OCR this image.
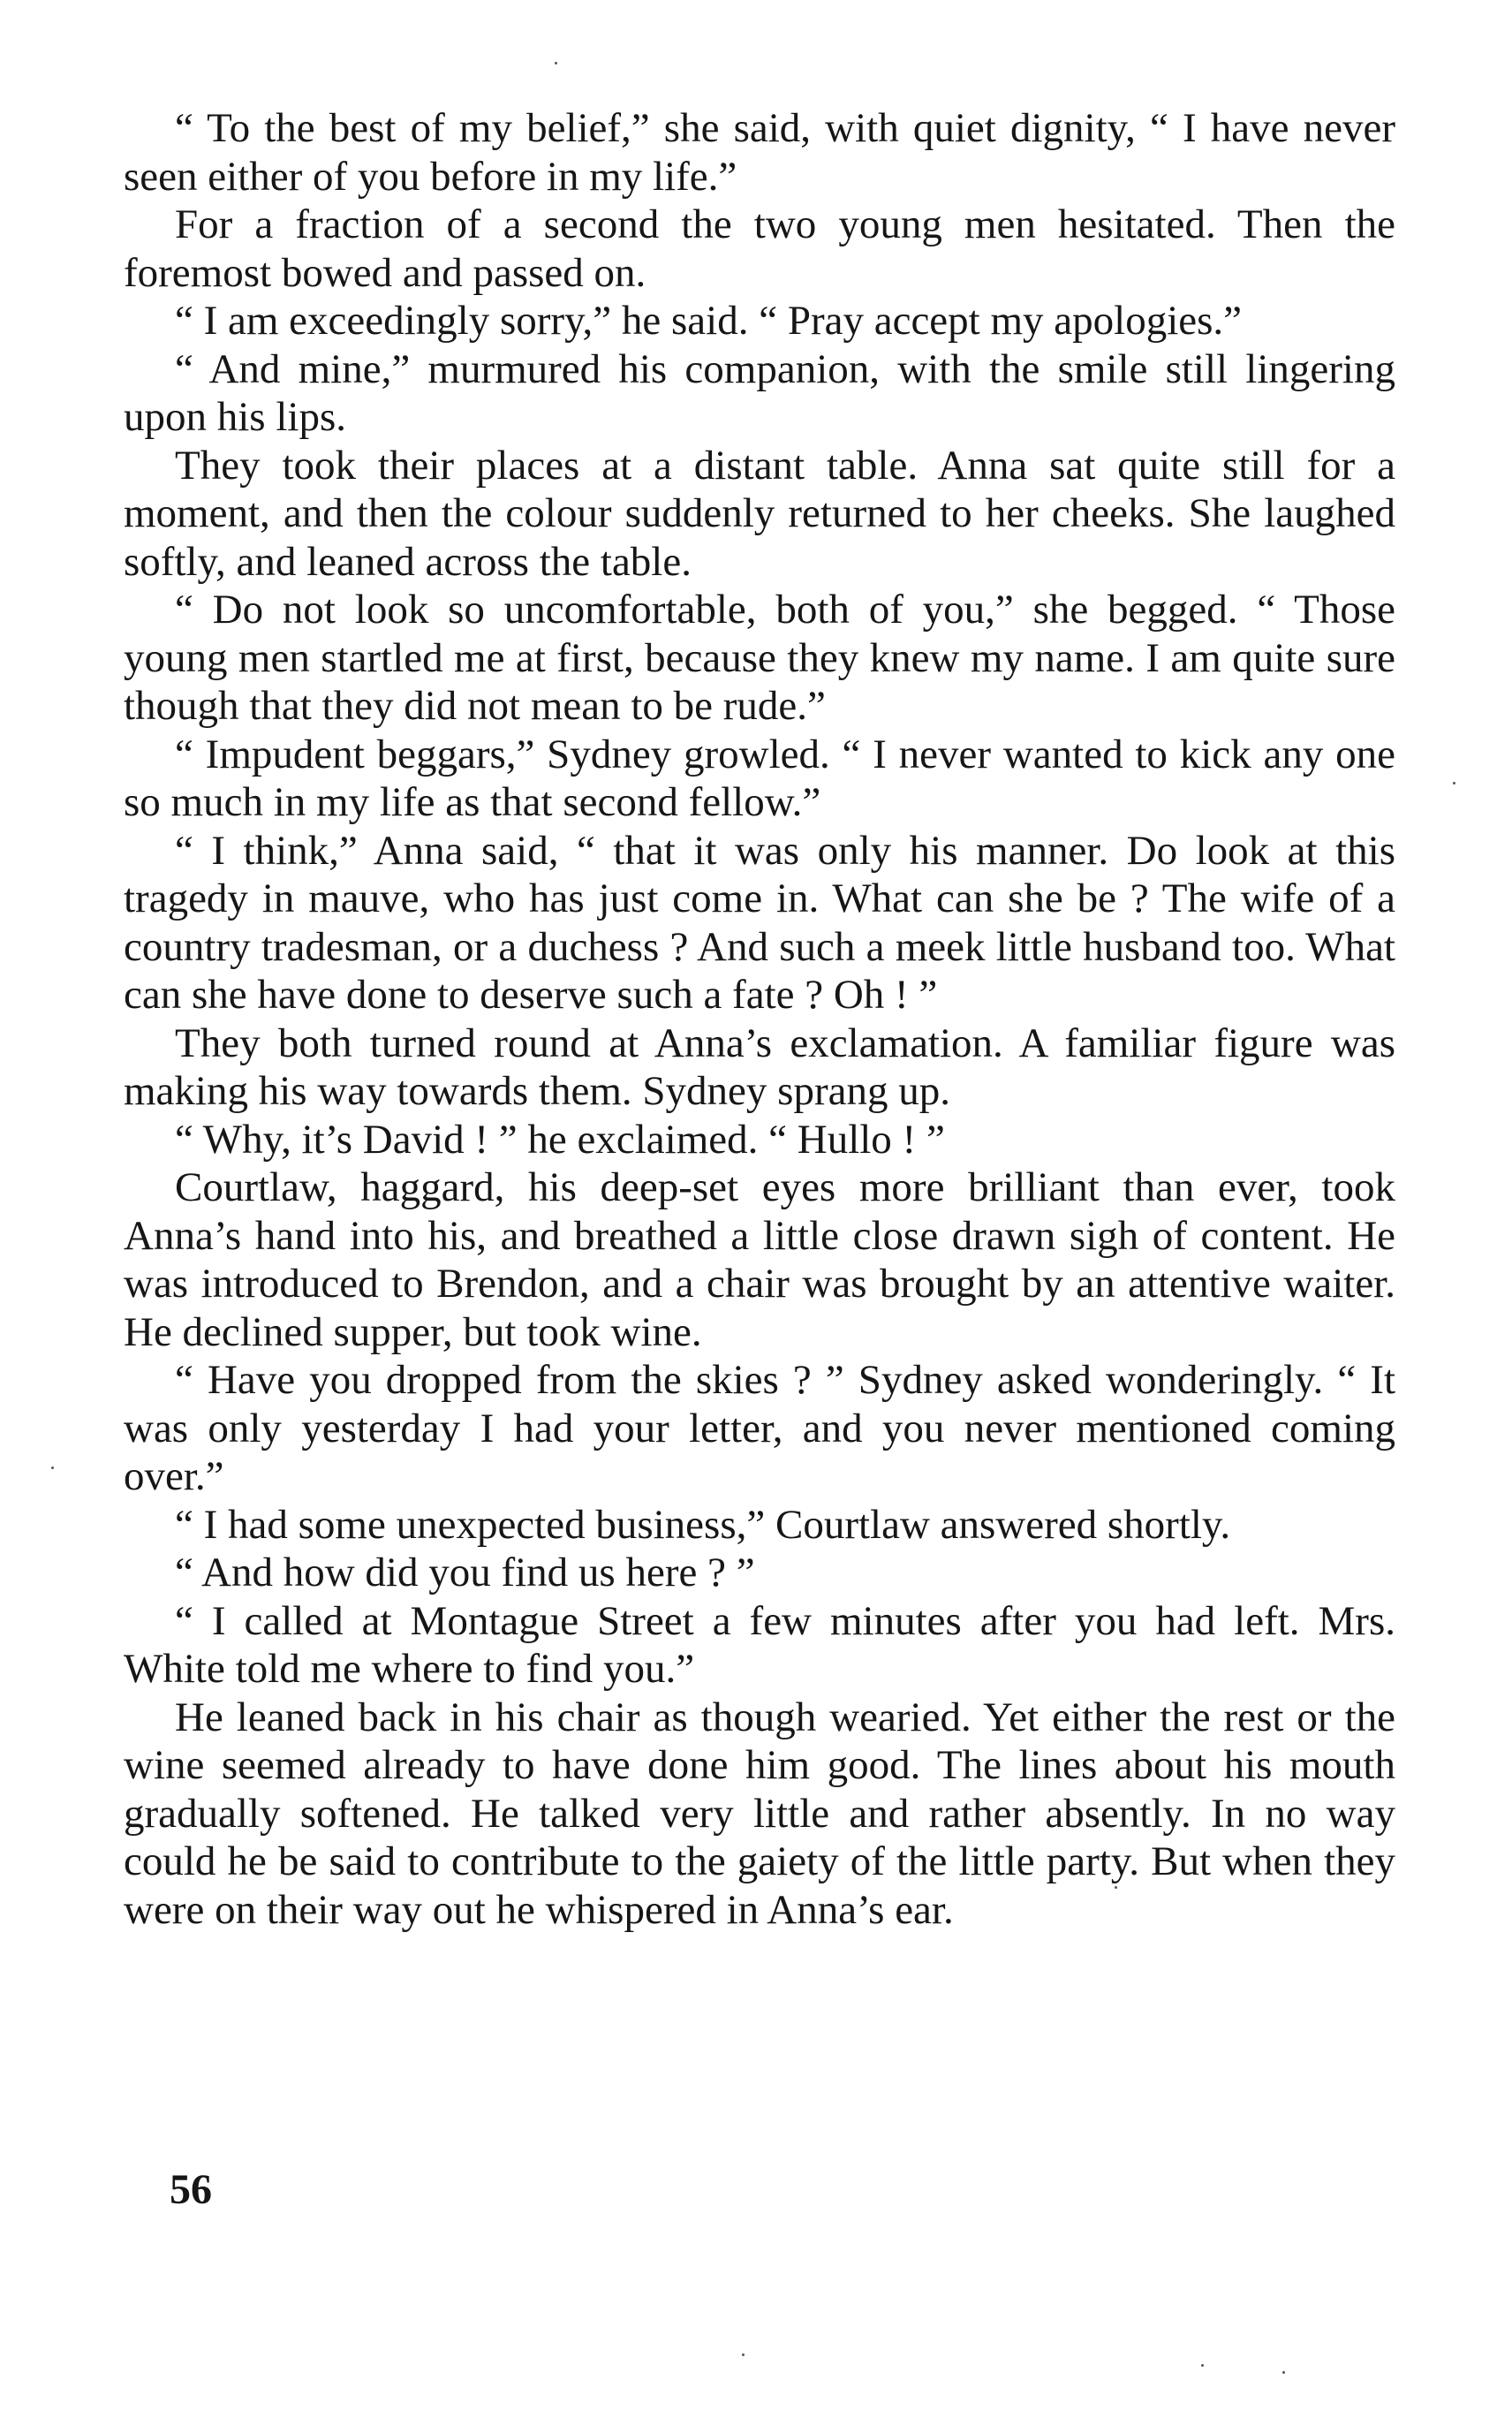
“ To the best of my belief,” she said, with quiet dignity, “ I have never seen either of you before in my life.”

For a fraction of a second the two young men hesitated. Then the foremost bowed and passed on.

“ I am exceedingly sorry,” he said. “ Pray accept my apologies.”

“ And mine,” murmured his companion, with the smile still lingering upon his lips.

They took their places at a distant table. Anna sat quite still for a moment, and then the colour suddenly returned to her cheeks. She laughed softly, and leaned across the table.

“ Do not look so uncomfortable, both of you,” she begged. “ Those young men startled me at first, because they knew my name. I am quite sure though that they did not mean to be rude.”

“ Impudent beggars,” Sydney growled. “ I never wanted to kick any one so much in my life as that second fellow.”

“ I think,” Anna said, “ that it was only his manner. Do look at this tragedy in mauve, who has just come in. What can she be ? The wife of a country tradesman, or a duchess ? And such a meek little husband too. What can she have done to deserve such a fate ? Oh ! ”

They both turned round at Anna’s exclamation. A familiar figure was making his way towards them. Sydney sprang up.

“ Why, it’s David ! ” he exclaimed. “ Hullo ! ”

Courtlaw, haggard, his deep-set eyes more brilliant than ever, took Anna’s hand into his, and breathed a little close drawn sigh of content. He was introduced to Brendon, and a chair was brought by an attentive waiter. He declined supper, but took wine.

“ Have you dropped from the skies ? ” Sydney asked wonderingly. “ It was only yesterday I had your letter, and you never mentioned coming over.”

“ I had some unexpected business,” Courtlaw answered shortly.

“ And how did you find us here ? ”

“ I called at Montague Street a few minutes after you had left. Mrs. White told me where to find you.”

He leaned back in his chair as though wearied. Yet either the rest or the wine seemed already to have done him good. The lines about his mouth gradually softened. He talked very little and rather absently. In no way could he be said to contribute to the gaiety of the little party. But when they were on their way out he whispered in Anna’s ear.

56
